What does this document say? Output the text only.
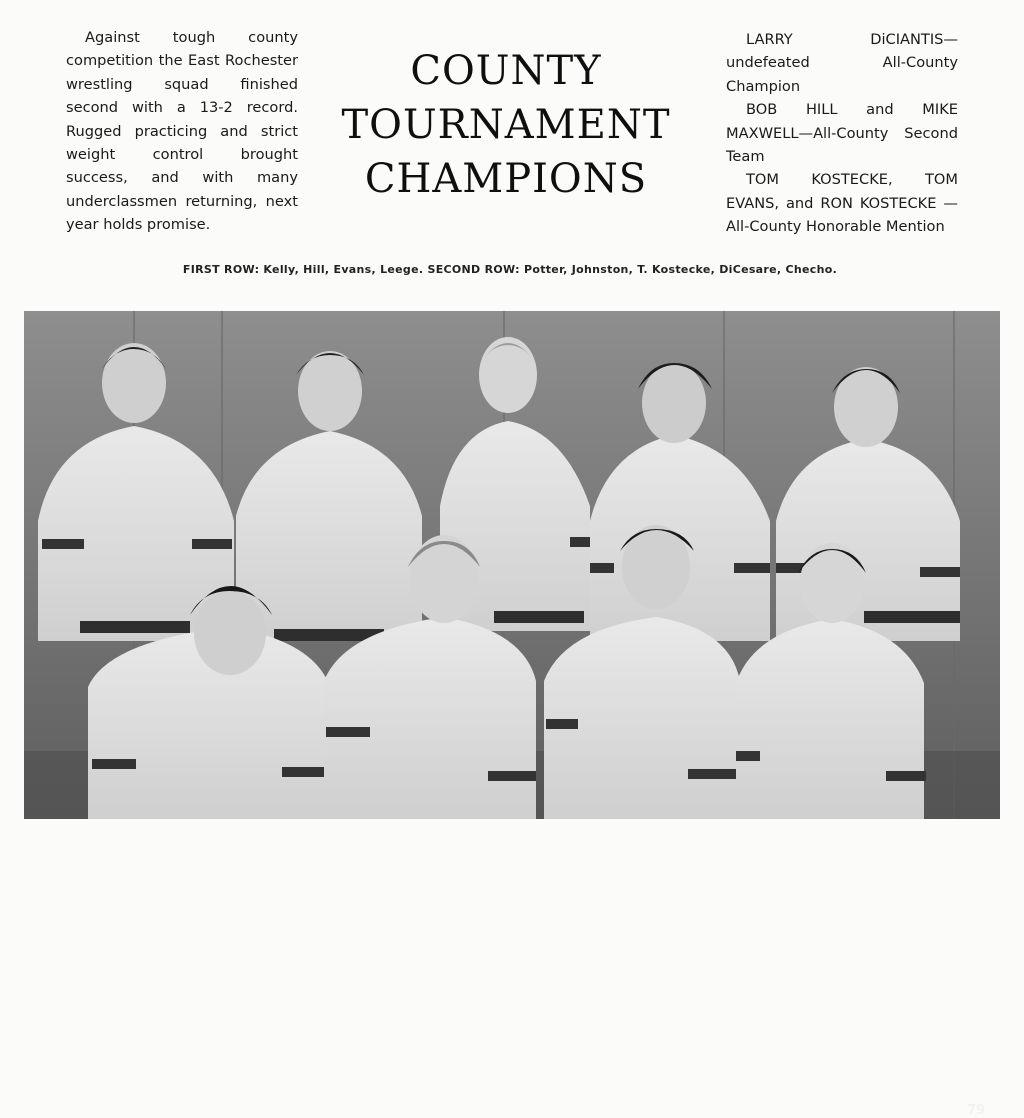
Against tough county competition the East Rochester wrestling squad finished second with a 13-2 record. Rugged practicing and strict weight control brought success, and with many underclassmen returning, next year holds promise.

COUNTY
TOURNAMENT
CHAMPIONS

LARRY DiCIANTIS—undefeated All-County Champion

BOB HILL and MIKE MAXWELL—All-County Second Team

TOM KOSTECKE, TOM EVANS, and RON KOSTECKE —All-County Honorable Mention

FIRST ROW: Kelly, Hill, Evans, Leege. SECOND ROW: Potter, Johnston, T. Kostecke, DiCesare, Checho.
79
